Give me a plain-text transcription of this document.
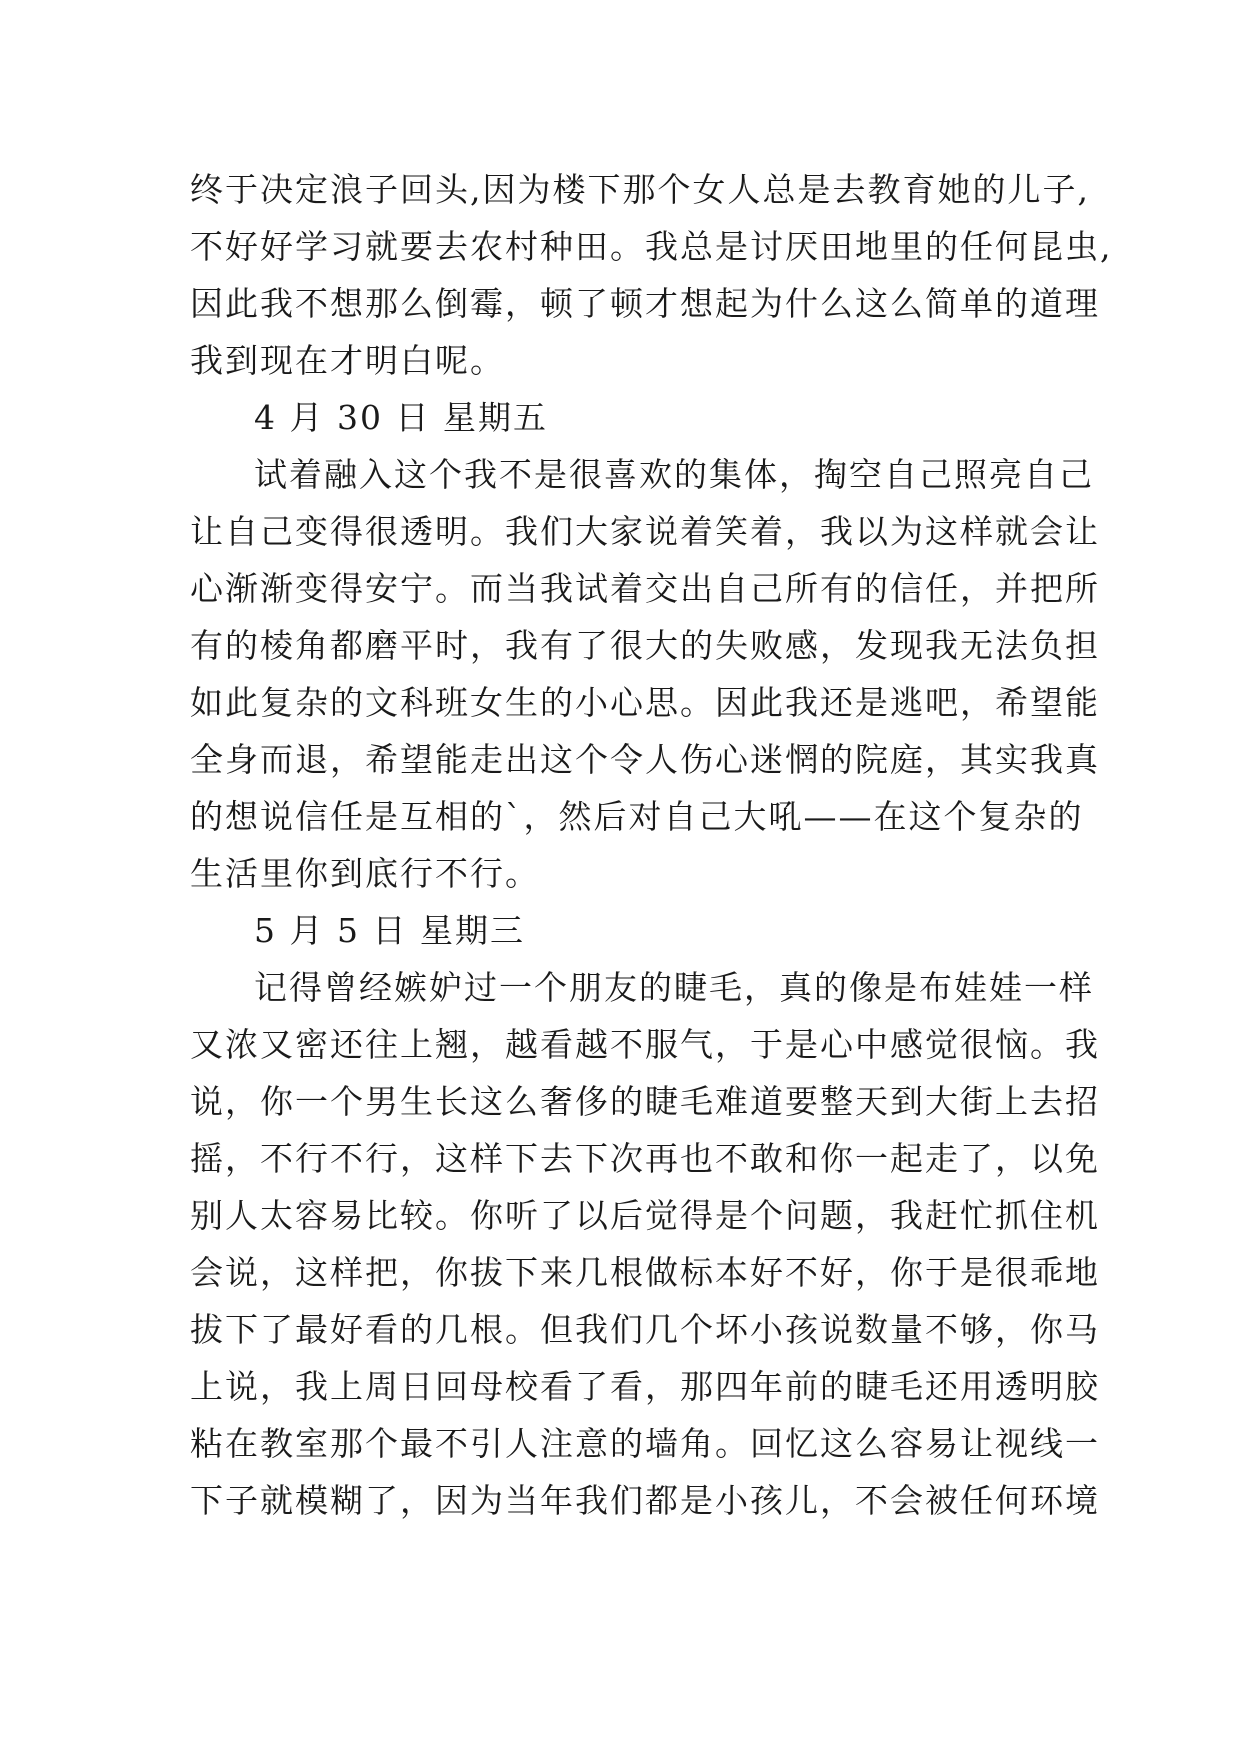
终于决定浪子回头,因为楼下那个女人总是去教育她的儿子,
不好好学习就要去农村种田。我总是讨厌田地里的任何昆虫,
因此我不想那么倒霉，顿了顿才想起为什么这么简单的道理
我到现在才明白呢。
4 月 30 日 星期五
试着融入这个我不是很喜欢的集体，掏空自己照亮自己
让自己变得很透明。我们大家说着笑着，我以为这样就会让
心渐渐变得安宁。而当我试着交出自己所有的信任，并把所
有的棱角都磨平时，我有了很大的失败感，发现我无法负担
如此复杂的文科班女生的小心思。因此我还是逃吧，希望能
全身而退，希望能走出这个令人伤心迷惘的院庭，其实我真
的想说信任是互相的`，然后对自己大吼——在这个复杂的
生活里你到底行不行。
5 月 5 日 星期三
记得曾经嫉妒过一个朋友的睫毛，真的像是布娃娃一样
又浓又密还往上翘，越看越不服气，于是心中感觉很恼。我
说，你一个男生长这么奢侈的睫毛难道要整天到大街上去招
摇，不行不行，这样下去下次再也不敢和你一起走了，以免
别人太容易比较。你听了以后觉得是个问题，我赶忙抓住机
会说，这样把，你拔下来几根做标本好不好，你于是很乖地
拔下了最好看的几根。但我们几个坏小孩说数量不够，你马
上说，我上周日回母校看了看，那四年前的睫毛还用透明胶
粘在教室那个最不引人注意的墙角。回忆这么容易让视线一
下子就模糊了，因为当年我们都是小孩儿，不会被任何环境
